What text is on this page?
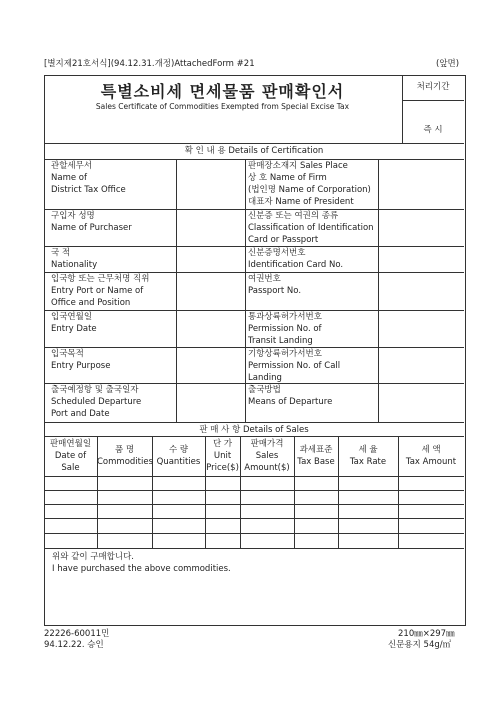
[별지제21호서식](94.12.31.개정)AttachedForm #21	(앞면)
특별소비세 면세물품 판매확인서
Sales Certificate of Commodities Exempted from Special Excise Tax
처리기간
즉 시
확 인 내 용 Details of Certification
관할세무서
Name of
District Tax Office
판매장소재지 Sales Place
상 호 Name of Firm
(법인명 Name of Corporation)
대표자 Name of President
구입자 성명
Name of Purchaser
신분증 또는 여권의 종류
Classification of Identification
Card or Passport
국 적
Nationality
신분증명서번호
Identification Card No.
입국항 또는 근무처명 직위
Entry Port or Name of
Office and Position
여권번호
Passport No.
입국연월일
Entry Date
통과상륙허가서번호
Permission No. of
Transit Landing
입국목적
Entry Purpose
기항상륙허가서번호
Permission No. of Call
Landing
출국예정항 및 출국일자
Scheduled Departure
Port and Date
출국방법
Means of Departure
판 매 사 항 Details of Sales
판매연월일
Date of
Sale
품 명
Commodities
수 량
Quantities
단 가
Unit
Price($)
판매가격
Sales
Amount($)
과세표준
Tax Base
세 율
Tax Rate
세 액
Tax Amount
위와 같이 구매합니다.
I have purchased the above commodities.
22226-60011민
94.12.22. 승인
210㎜×297㎜
신문용지 54g/㎡
